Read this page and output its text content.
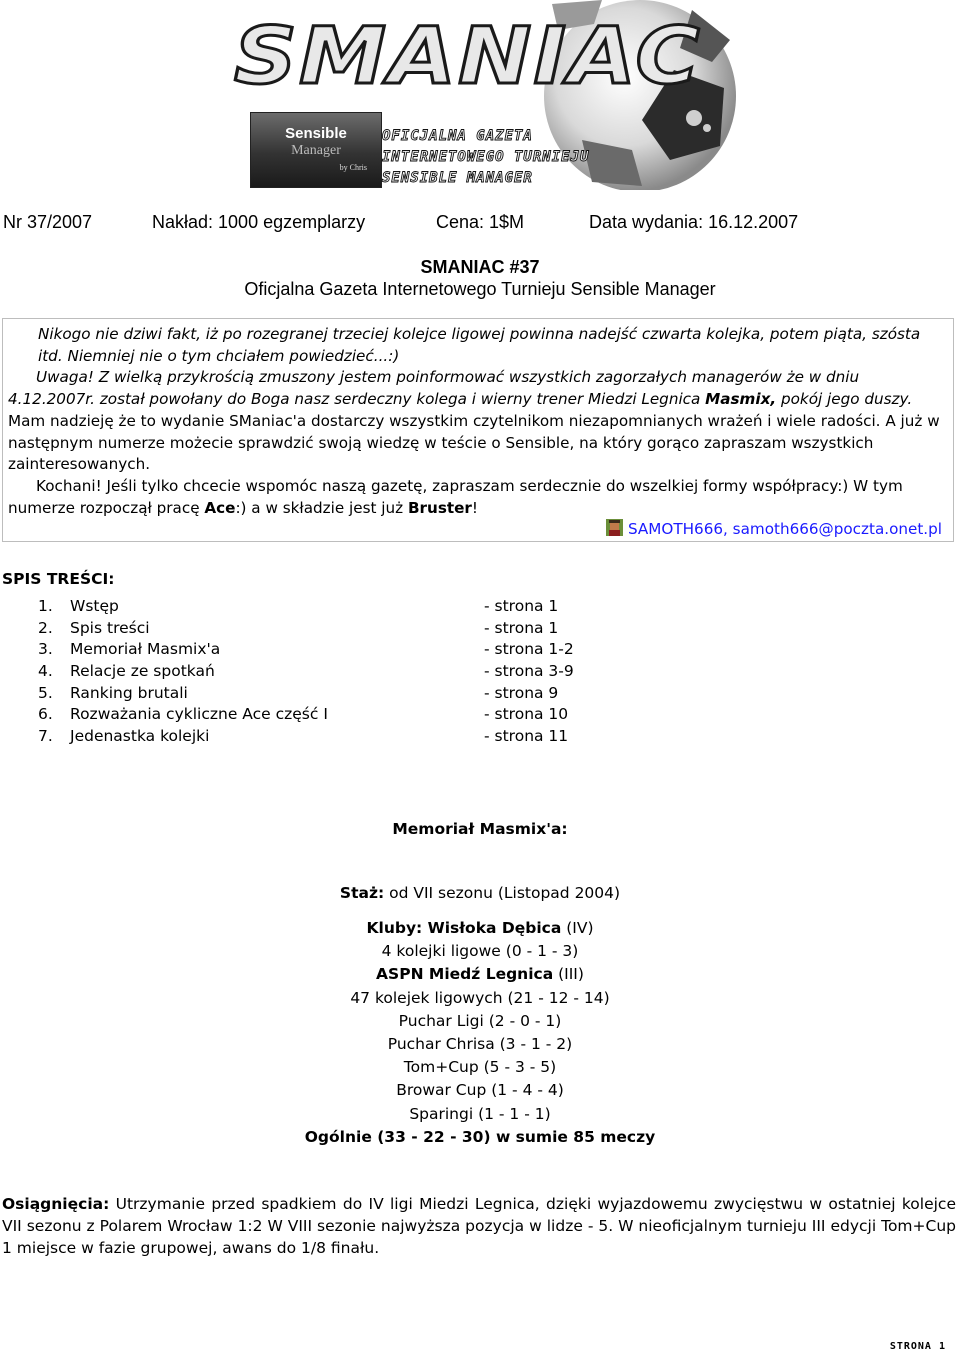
SMANIAC
Sensible
Manager
by Chris
OFICJALNA GAZETA
INTERNETOWEGO TURNIEJU
SENSIBLE MANAGER
Nr 37/2007	Nakład: 1000 egzemplarzy	Cena: 1$M	Data wydania: 16.12.2007
SMANIAC #37
Oficjalna Gazeta Internetowego Turnieju Sensible Manager

Nikogo nie dziwi fakt, iż po rozegranej trzeciej kolejce ligowej powinna nadejść czwarta kolejka, potem piąta, szósta itd. Niemniej nie o tym chciałem powiedzieć...:)

Uwaga! Z wielką przykrością zmuszony jestem poinformować wszystkich zagorzałych managerów że w dniu 4.12.2007r. został powołany do Boga nasz serdeczny kolega i wierny trener Miedzi Legnica Masmix, pokój jego duszy. Mam nadzieję że to wydanie SManiac'a dostarczy wszystkim czytelnikom niezapomnianych wrażeń i wiele radości. A już w następnym numerze możecie sprawdzić swoją wiedzę w teście o Sensible, na który gorąco zapraszam wszystkich zainteresowanych.

Kochani! Jeśli tylko chcecie wspomóc naszą gazetę, zapraszam serdecznie do wszelkiej formy współpracy:) W tym numerze rozpoczął pracę Ace:) a w składzie jest już Bruster!

SAMOTH666, samoth666@poczta.onet.pl

SPIS TREŚCI:
1. Wstęp	- strona 1
2. Spis treści	- strona 1
3. Memoriał Masmix'a	- strona 1-2
4. Relacje ze spotkań	- strona 3-9
5. Ranking brutali	- strona 9
6. Rozważania cykliczne Ace część I	- strona 10
7. Jedenastka kolejki	- strona 11
Memoriał Masmix'a:
Staż: od VII sezonu (Listopad 2004)
Kluby: Wisłoka Dębica (IV)
4 kolejki ligowe (0 - 1 - 3)
ASPN Miedź Legnica (III)
47 kolejek ligowych (21 - 12 - 14)
Puchar Ligi (2 - 0 - 1)
Puchar Chrisa (3 - 1 - 2)
Tom+Cup (5 - 3 - 5)
Browar Cup (1 - 4 - 4)
Sparingi (1 - 1 - 1)
Ogólnie (33 - 22 - 30) w sumie 85 meczy
Osiągnięcia: Utrzymanie przed spadkiem do IV ligi Miedzi Legnica, dzięki wyjazdowemu zwycięstwu w ostatniej kolejce VII sezonu z Polarem Wrocław 1:2 W VIII sezonie najwyższa pozycja w lidze - 5. W nieoficjalnym turnieju III edycji Tom+Cup 1 miejsce w fazie grupowej, awans do 1/8 finału.
STRONA 1
